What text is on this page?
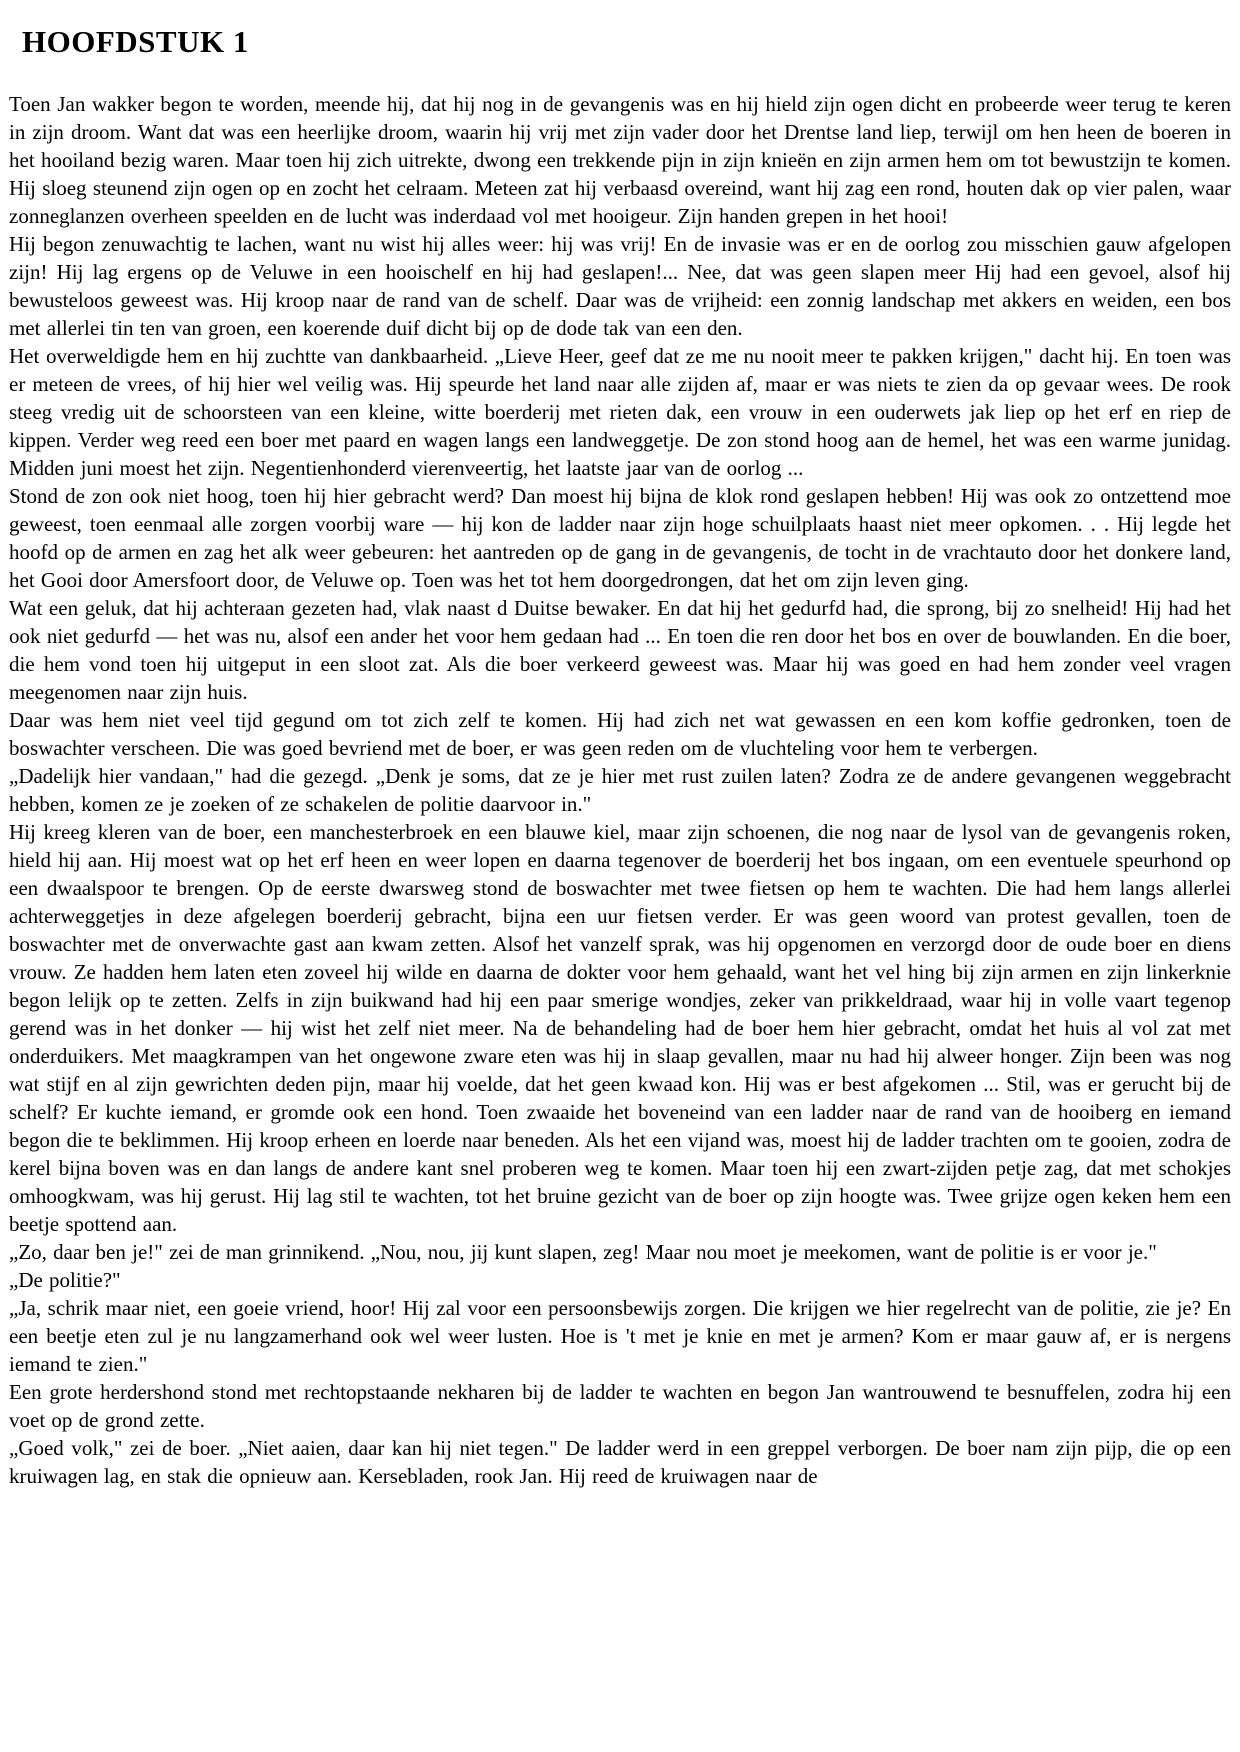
HOOFDSTUK 1

Toen Jan wakker begon te worden, meende hij, dat hij nog in de gevangenis was en hij hield zijn ogen dicht en probeerde weer terug te keren in zijn droom. Want dat was een heerlijke droom, waarin hij vrij met zijn vader door het Drentse land liep, terwijl om hen heen de boeren in het hooiland bezig waren. Maar toen hij zich uitrekte, dwong een trekkende pijn in zijn knieën en zijn armen hem om tot bewustzijn te komen. Hij sloeg steunend zijn ogen op en zocht het celraam. Meteen zat hij verbaasd overeind, want hij zag een rond, houten dak op vier palen, waar zonneglanzen overheen speelden en de lucht was inderdaad vol met hooigeur. Zijn handen grepen in het hooi!

Hij begon zenuwachtig te lachen, want nu wist hij alles weer: hij was vrij! En de invasie was er en de oorlog zou misschien gauw afgelopen zijn! Hij lag ergens op de Veluwe in een hooischelf en hij had geslapen!... Nee, dat was geen slapen meer Hij had een gevoel, alsof hij bewusteloos geweest was. Hij kroop naar de rand van de schelf. Daar was de vrijheid: een zonnig landschap met akkers en weiden, een bos met allerlei tin ten van groen, een koerende duif dicht bij op de dode tak van een den.

Het overweldigde hem en hij zuchtte van dankbaarheid. „Lieve Heer, geef dat ze me nu nooit meer te pakken krijgen," dacht hij. En toen was er meteen de vrees, of hij hier wel veilig was. Hij speurde het land naar alle zijden af, maar er was niets te zien da op gevaar wees. De rook steeg vredig uit de schoorsteen van een kleine, witte boerderij met rieten dak, een vrouw in een ouderwets jak liep op het erf en riep de kippen. Verder weg reed een boer met paard en wagen langs een landweggetje. De zon stond hoog aan de hemel, het was een warme junidag. Midden juni moest het zijn. Negentienhonderd vierenveertig, het laatste jaar van de oorlog ...

Stond de zon ook niet hoog, toen hij hier gebracht werd? Dan moest hij bijna de klok rond geslapen hebben! Hij was ook zo ontzettend moe geweest, toen eenmaal alle zorgen voorbij ware — hij kon de ladder naar zijn hoge schuilplaats haast niet meer opkomen. . . Hij legde het hoofd op de armen en zag het alk weer gebeuren: het aantreden op de gang in de gevangenis, de tocht in de vrachtauto door het donkere land, het Gooi door Amersfoort door, de Veluwe op. Toen was het tot hem doorgedrongen, dat het om zijn leven ging.

Wat een geluk, dat hij achteraan gezeten had, vlak naast d Duitse bewaker. En dat hij het gedurfd had, die sprong, bij zo snelheid! Hij had het ook niet gedurfd — het was nu, alsof een ander het voor hem gedaan had ... En toen die ren door het bos en over de bouwlanden. En die boer, die hem vond toen hij uitgeput in een sloot zat. Als die boer verkeerd geweest was. Maar hij was goed en had hem zonder veel vragen meegenomen naar zijn huis.

Daar was hem niet veel tijd gegund om tot zich zelf te komen. Hij had zich net wat gewassen en een kom koffie gedronken, toen de boswachter verscheen. Die was goed bevriend met de boer, er was geen reden om de vluchteling voor hem te verbergen.

„Dadelijk hier vandaan," had die gezegd. „Denk je soms, dat ze je hier met rust zuilen laten? Zodra ze de andere gevangenen weggebracht hebben, komen ze je zoeken of ze schakelen de politie daarvoor in."

Hij kreeg kleren van de boer, een manchesterbroek en een blauwe kiel, maar zijn schoenen, die nog naar de lysol van de gevangenis roken, hield hij aan. Hij moest wat op het erf heen en weer lopen en daarna tegenover de boerderij het bos ingaan, om een eventuele speurhond op een dwaalspoor te brengen. Op de eerste dwarsweg stond de boswachter met twee fietsen op hem te wachten. Die had hem langs allerlei achterweggetjes in deze afgelegen boerderij gebracht, bijna een uur fietsen verder. Er was geen woord van protest gevallen, toen de boswachter met de onverwachte gast aan kwam zetten. Alsof het vanzelf sprak, was hij opgenomen en verzorgd door de oude boer en diens vrouw. Ze hadden hem laten eten zoveel hij wilde en daarna de dokter voor hem gehaald, want het vel hing bij zijn armen en zijn linkerknie begon lelijk op te zetten. Zelfs in zijn buikwand had hij een paar smerige wondjes, zeker van prikkeldraad, waar hij in volle vaart tegenop gerend was in het donker — hij wist het zelf niet meer. Na de behandeling had de boer hem hier gebracht, omdat het huis al vol zat met onderduikers. Met maagkrampen van het ongewone zware eten was hij in slaap gevallen, maar nu had hij alweer honger. Zijn been was nog wat stijf en al zijn gewrichten deden pijn, maar hij voelde, dat het geen kwaad kon. Hij was er best afgekomen ... Stil, was er gerucht bij de schelf? Er kuchte iemand, er gromde ook een hond. Toen zwaaide het boveneind van een ladder naar de rand van de hooiberg en iemand begon die te beklimmen. Hij kroop erheen en loerde naar beneden. Als het een vijand was, moest hij de ladder trachten om te gooien, zodra de kerel bijna boven was en dan langs de andere kant snel proberen weg te komen. Maar toen hij een zwart-zijden petje zag, dat met schokjes omhoogkwam, was hij gerust. Hij lag stil te wachten, tot het bruine gezicht van de boer op zijn hoogte was. Twee grijze ogen keken hem een beetje spottend aan.

„Zo, daar ben je!" zei de man grinnikend. „Nou, nou, jij kunt slapen, zeg! Maar nou moet je meekomen, want de politie is er voor je."

„De politie?"

„Ja, schrik maar niet, een goeie vriend, hoor! Hij zal voor een persoonsbewijs zorgen. Die krijgen we hier regelrecht van de politie, zie je? En een beetje eten zul je nu langzamerhand ook wel weer lusten. Hoe is 't met je knie en met je armen? Kom er maar gauw af, er is nergens iemand te zien."

Een grote herdershond stond met rechtopstaande nekharen bij de ladder te wachten en begon Jan wantrouwend te besnuffelen, zodra hij een voet op de grond zette.

„Goed volk," zei de boer. „Niet aaien, daar kan hij niet tegen." De ladder werd in een greppel verborgen. De boer nam zijn pijp, die op een kruiwagen lag, en stak die opnieuw aan. Kersebladen, rook Jan. Hij reed de kruiwagen naar de
